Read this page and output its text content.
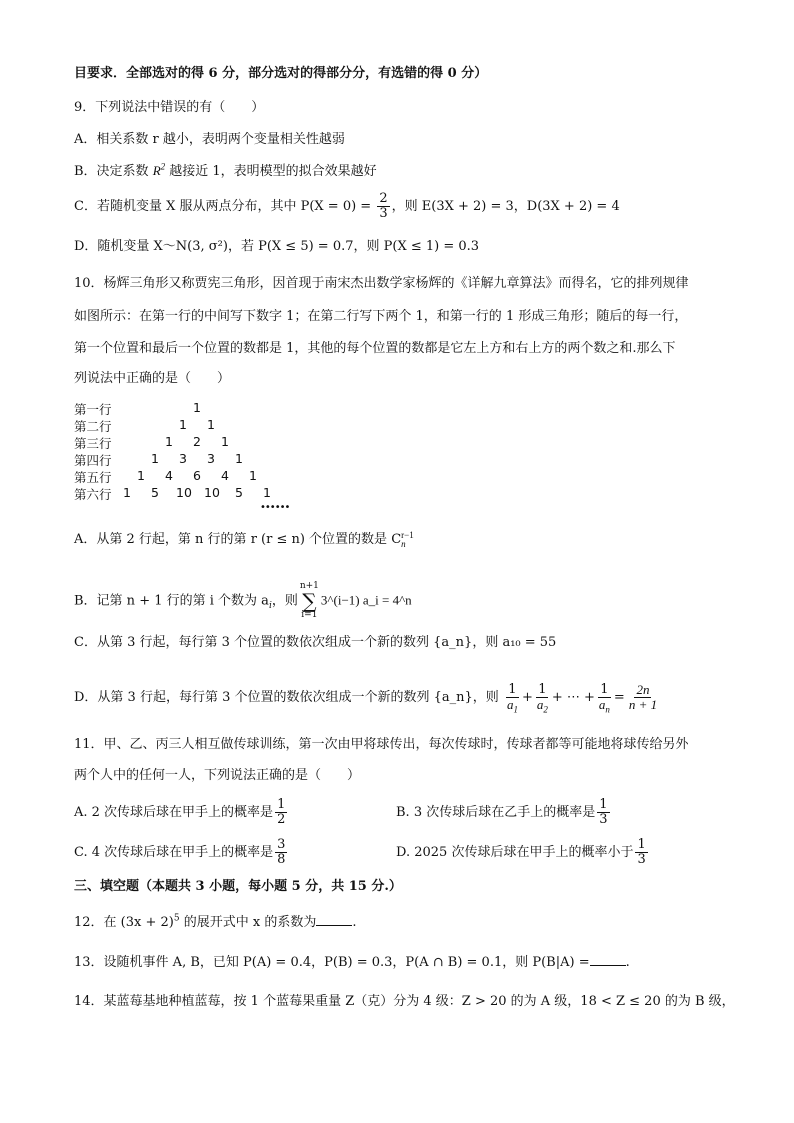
目要求．全部选对的得 6 分，部分选对的得部分分，有选错的得 0 分）
9．下列说法中错误的有（　　）
A．相关系数 r 越小，表明两个变量相关性越弱
B．决定系数 $R^2$ 越接近 1，表明模型的拟合效果越好
C．若随机变量 X 服从两点分布，其中 $P(X = 0) = \frac{2}{3}$ ，则 E(3X + 2) = 3，D(3X + 2) = 4
D．随机变量 X～N(3, σ²)，若 P(X ≤ 5) = 0.7，则 P(X ≤ 1) = 0.3
10．杨辉三角形又称贾宪三角形，因首现于南宋杰出数学家杨辉的《详解九章算法》而得名，它的排列规律
如图所示：在第一行的中间写下数字 1；在第二行写下两个 1，和第一行的 1 形成三角形；随后的每一行，
第一个位置和最后一个位置的数都是 1，其他的每个位置的数都是它左上方和右上方的两个数之和.那么下
列说法中正确的是（　　）
第一行	1
第二行	1 1
第三行	1 2 1
第四行	1 3 3 1
第五行 1 4 6 4 1
第六行 1 5 10 10 5 1
••••••
A．从第 2 行起，第 n 行的第 r (r ≤ n) 个位置的数是 C r−1
n
B．记第 n + 1 行的第 i 个数为 $a_i$，则
n+1
∑
i=1
3^(i−1) a_i = 4^n
C．从第 3 行起，每行第 3 个位置的数依次组成一个新的数列 {a_n}，则 a₁₀ = 55
D．从第 3 行起，每行第 3 个位置的数依次组成一个新的数列 {a_n}，则 $\frac{1}{a_1} + \frac{1}{a_2}$ + ⋯ + $\frac{1}{a_n} = \frac{2n}{n + 1}$
11．甲、乙、丙三人相互做传球训练，第一次由甲将球传出，每次传球时，传球者都等可能地将球传给另外
两个人中的任何一人，下列说法正确的是（　　）
A. 2 次传球后球在甲手上的概率是 $\frac{1}{2}$	B. 3 次传球后球在乙手上的概率是 $\frac{1}{3}$
C. 4 次传球后球在甲手上的概率是 $\frac{3}{8}$	D. 2025 次传球后球在甲手上的概率小于 $\frac{1}{3}$
三、填空题（本题共 3 小题，每小题 5 分，共 15 分.）
12．在 $(3x + 2)^5$ 的展开式中 x 的系数为	.
13．设随机事件 A, B，已知 P(A) = 0.4，P(B) = 0.3，P(A ∩ B) = 0.1，则 P(B|A) =	.
14．某蓝莓基地种植蓝莓，按 1 个蓝莓果重量 Z（克）分为 4 级：Z > 20 的为 A 级，18 < Z ≤ 20 的为 B 级，
